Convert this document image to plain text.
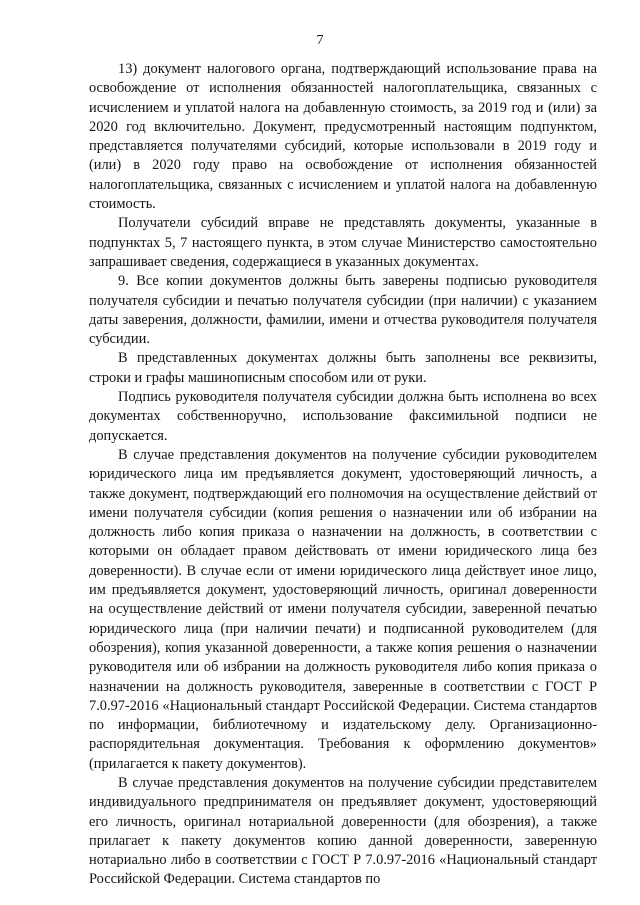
7

13) документ налогового органа, подтверждающий использование права на освобождение от исполнения обязанностей налогоплательщика, связанных с исчислением и уплатой налога на добавленную стоимость, за 2019 год и (или) за 2020 год включительно. Документ, предусмотренный настоящим подпунктом, представляется получателями субсидий, которые использовали в 2019 году и (или) в 2020 году право на освобождение от исполнения обязанностей налогоплательщика, связанных с исчислением и уплатой налога на добавленную стоимость.

Получатели субсидий вправе не представлять документы, указанные в подпунктах 5, 7 настоящего пункта, в этом случае Министерство самостоятельно запрашивает сведения, содержащиеся в указанных документах.

9. Все копии документов должны быть заверены подписью руководителя получателя субсидии и печатью получателя субсидии (при наличии) с указанием даты заверения, должности, фамилии, имени и отчества руководителя получателя субсидии.

В представленных документах должны быть заполнены все реквизиты, строки и графы машинописным способом или от руки.

Подпись руководителя получателя субсидии должна быть исполнена во всех документах собственноручно, использование факсимильной подписи не допускается.

В случае представления документов на получение субсидии руководителем юридического лица им предъявляется документ, удостоверяющий личность, а также документ, подтверждающий его полномочия на осуществление действий от имени получателя субсидии (копия решения о назначении или об избрании на должность либо копия приказа о назначении на должность, в соответствии с которыми он обладает правом действовать от имени юридического лица без доверенности). В случае если от имени юридического лица действует иное лицо, им предъявляется документ, удостоверяющий личность, оригинал доверенности на осуществление действий от имени получателя субсидии, заверенной печатью юридического лица (при наличии печати) и подписанной руководителем (для обозрения), копия указанной доверенности, а также копия решения о назначении руководителя или об избрании на должность руководителя либо копия приказа о назначении на должность руководителя, заверенные в соответствии с ГОСТ Р 7.0.97-2016 «Национальный стандарт Российской Федерации. Система стандартов по информации, библиотечному и издательскому делу. Организационно-распорядительная документация. Требования к оформлению документов» (прилагается к пакету документов).

В случае представления документов на получение субсидии представителем индивидуального предпринимателя он предъявляет документ, удостоверяющий его личность, оригинал нотариальной доверенности (для обозрения), а также прилагает к пакету документов копию данной доверенности, заверенную нотариально либо в соответствии с ГОСТ Р 7.0.97-2016 «Национальный стандарт Российской Федерации. Система стандартов по
